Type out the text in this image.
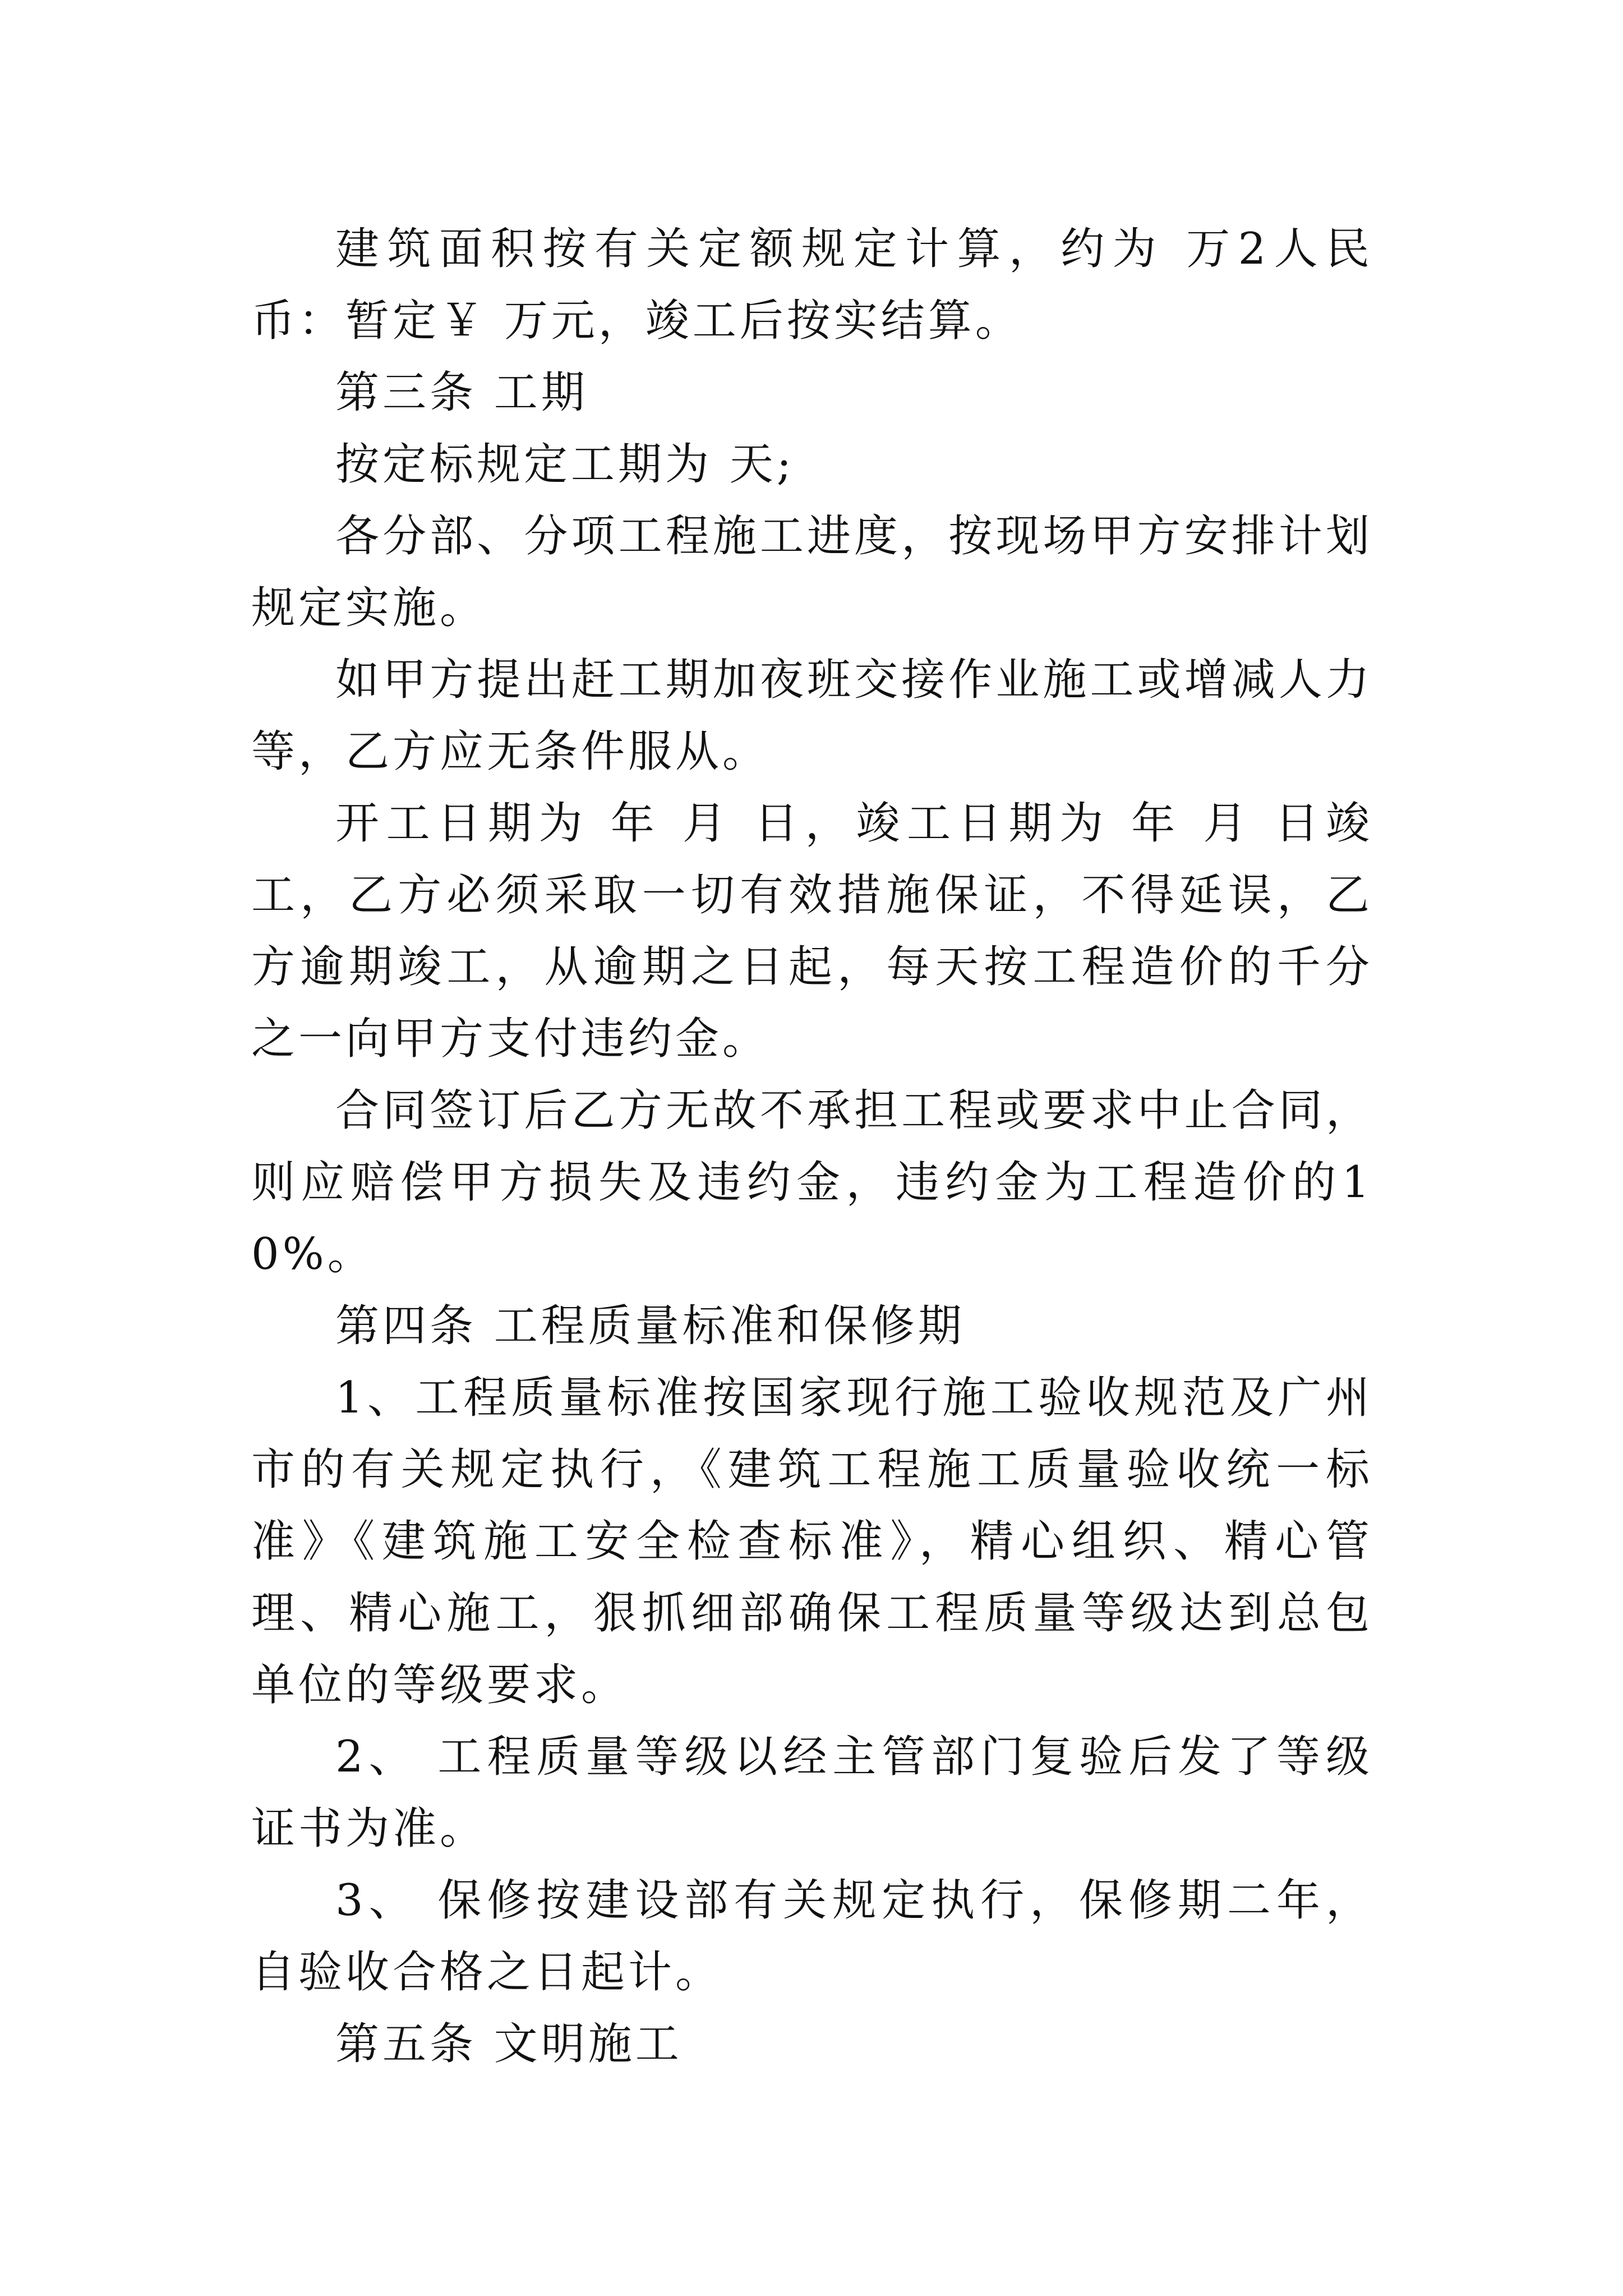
建筑面积按有关定额规定计算，约为 万2人民币：暂定￥ 万元，竣工后按实结算。

第三条 工期

按定标规定工期为 天;

各分部、分项工程施工进度，按现场甲方安排计划规定实施。

如甲方提出赶工期加夜班交接作业施工或增减人力等，乙方应无条件服从。

开工日期为 年 月 日，竣工日期为 年 月 日竣工，乙方必须采取一切有效措施保证，不得延误，乙方逾期竣工，从逾期之日起，每天按工程造价的千分之一向甲方支付违约金。

合同签订后乙方无故不承担工程或要求中止合同，则应赔偿甲方损失及违约金，违约金为工程造价的10%。

第四条 工程质量标准和保修期

1、工程质量标准按国家现行施工验收规范及广州市的有关规定执行，《建筑工程施工质量验收统一标准》《建筑施工安全检查标准》，精心组织、精心管理、精心施工，狠抓细部确保工程质量等级达到总包单位的等级要求。

2、 工程质量等级以经主管部门复验后发了等级证书为准。

3、 保修按建设部有关规定执行，保修期二年，自验收合格之日起计。

第五条 文明施工
